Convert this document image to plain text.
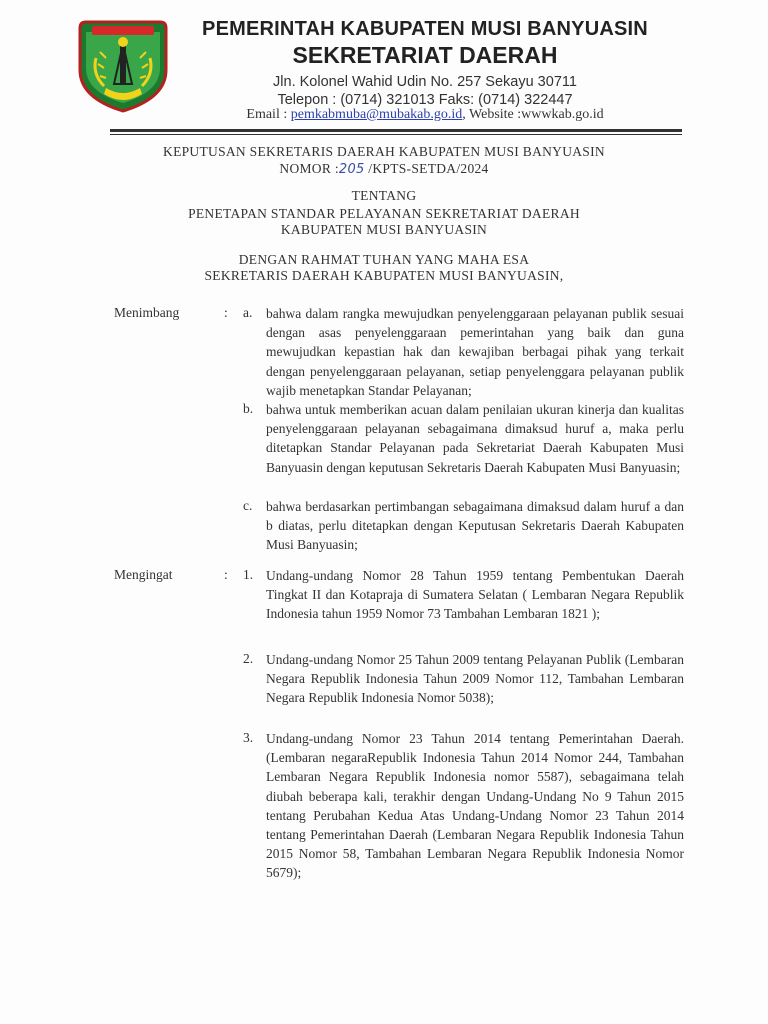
PEMERINTAH KABUPATEN MUSI BANYUASIN
SEKRETARIAT DAERAH
Jln. Kolonel Wahid Udin No. 257 Sekayu 30711
Telepon : (0714) 321013 Faks: (0714) 322447
Email : pemkabmuba@mubakab.go.id, Website :wwwkab.go.id
KEPUTUSAN SEKRETARIS DAERAH KABUPATEN MUSI BANYUASIN
NOMOR :205 /KPTS-SETDA/2024
TENTANG
PENETAPAN STANDAR PELAYANAN SEKRETARIAT DAERAH
KABUPATEN MUSI BANYUASIN
DENGAN RAHMAT TUHAN YANG MAHA ESA
SEKRETARIS DAERAH KABUPATEN MUSI BANYUASIN,
Menimbang	: a. bahwa dalam rangka mewujudkan penyelenggaraan pelayanan publik sesuai dengan asas penyelenggaraan pemerintahan yang baik dan guna mewujudkan kepastian hak dan kewajiban berbagai pihak yang terkait dengan penyelenggaraan pelayanan, setiap penyelenggara pelayanan publik wajib menetapkan Standar Pelayanan;
b. bahwa untuk memberikan acuan dalam penilaian ukuran kinerja dan kualitas penyelenggaraan pelayanan sebagaimana dimaksud huruf a, maka perlu ditetapkan Standar Pelayanan pada Sekretariat Daerah Kabupaten Musi Banyuasin dengan keputusan Sekretaris Daerah Kabupaten Musi Banyuasin;
c. bahwa berdasarkan pertimbangan sebagaimana dimaksud dalam huruf a dan b diatas, perlu ditetapkan dengan Keputusan Sekretaris Daerah Kabupaten Musi Banyuasin;
Mengingat	: 1. Undang-undang Nomor 28 Tahun 1959 tentang Pembentukan Daerah Tingkat II dan Kotapraja di Sumatera Selatan ( Lembaran Negara Republik Indonesia tahun 1959 Nomor 73 Tambahan Lembaran 1821 );
2. Undang-undang Nomor 25 Tahun 2009 tentang Pelayanan Publik (Lembaran Negara Republik Indonesia Tahun 2009 Nomor 112, Tambahan Lembaran Negara Republik Indonesia Nomor 5038);
3. Undang-undang Nomor 23 Tahun 2014 tentang Pemerintahan Daerah. (Lembaran negaraRepublik Indonesia Tahun 2014 Nomor 244, Tambahan Lembaran Negara Republik Indonesia nomor 5587), sebagaimana telah diubah beberapa kali, terakhir dengan Undang-Undang No 9 Tahun 2015 tentang Perubahan Kedua Atas Undang-Undang Nomor 23 Tahun 2014 tentang Pemerintahan Daerah (Lembaran Negara Republik Indonesia Tahun 2015 Nomor 58, Tambahan Lembaran Negara Republik Indonesia Nomor 5679);
